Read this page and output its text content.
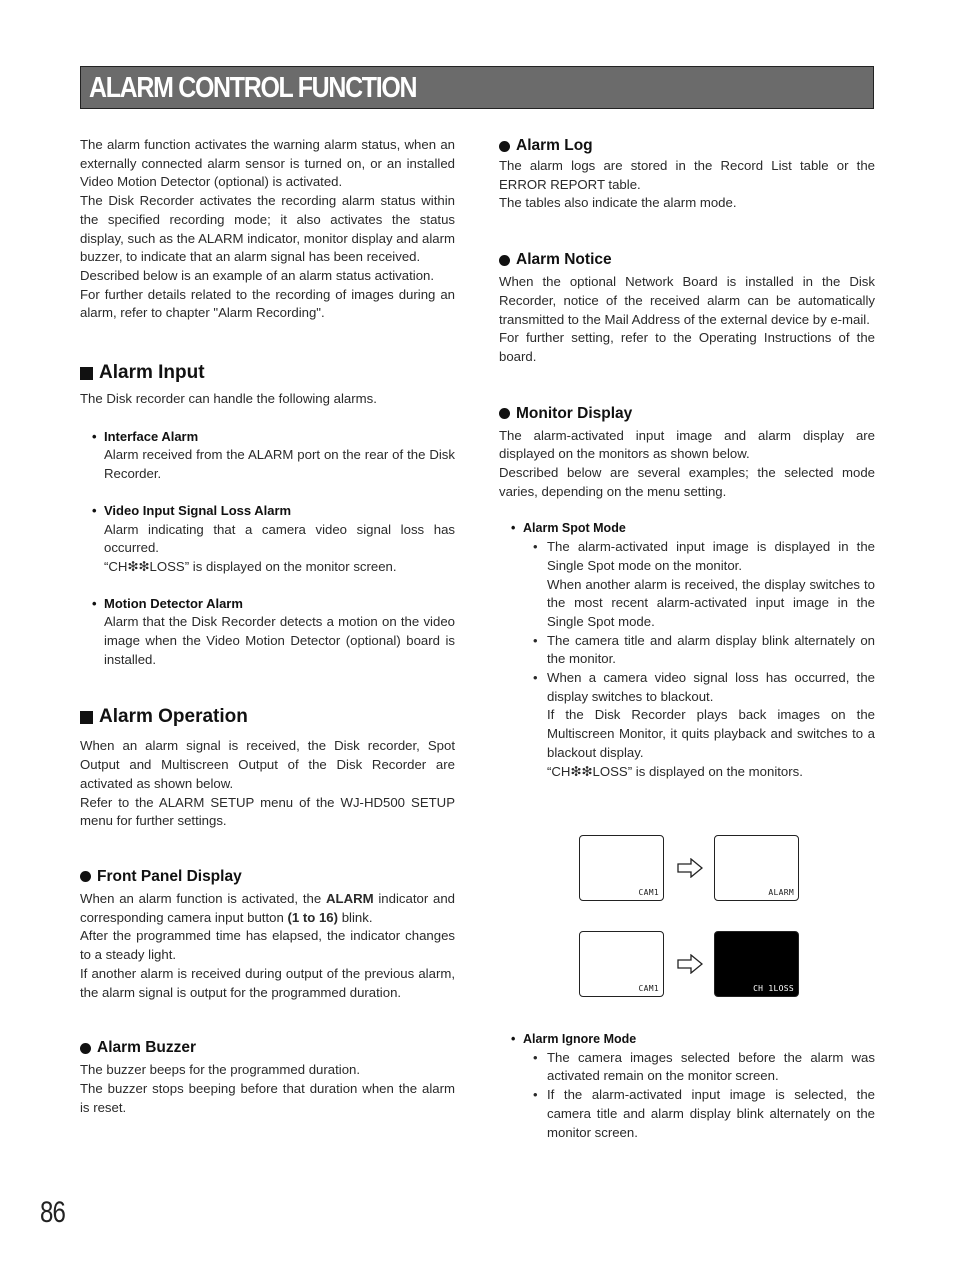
ALARM CONTROL FUNCTION

The alarm function activates the warning alarm status, when an externally connected alarm sensor is turned on, or an installed Video Motion Detector (optional) is activated.

The Disk Recorder activates the recording alarm status within the specified recording mode; it also activates the status display, such as the ALARM indicator, monitor display and alarm buzzer, to indicate that an alarm signal has been received.

Described below is an example of an alarm status activation.

For further details related to the recording of images during an alarm, refer to chapter "Alarm Recording".

Alarm Input

The Disk recorder can handle the following alarms.

• Interface Alarm

Alarm received from the ALARM port on the rear of the Disk Recorder.

• Video Input Signal Loss Alarm

Alarm indicating that a camera video signal loss has occurred.

“CH❇❇LOSS” is displayed on the monitor screen.

• Motion Detector Alarm

Alarm that the Disk Recorder detects a motion on the video image when the Video Motion Detector (optional) board is installed.

Alarm Operation

When an alarm signal is received, the Disk recorder, Spot Output and Multiscreen Output of the Disk Recorder are activated as shown below.

Refer to the ALARM SETUP menu of the WJ-HD500 SETUP menu for further settings.

Front Panel Display

When an alarm function is activated, the ALARM indicator and corresponding camera input button (1 to 16) blink.

After the programmed time has elapsed, the indicator changes to a steady light.

If another alarm is received during output of the previous alarm, the alarm signal is output for the programmed duration.

Alarm Buzzer

The buzzer beeps for the programmed duration.

The buzzer stops beeping before that duration when the alarm is reset.

Alarm Log

The alarm logs are stored in the Record List table or the ERROR REPORT table.

The tables also indicate the alarm mode.

Alarm Notice

When the optional Network Board is installed in the Disk Recorder, notice of the received alarm can be automatically transmitted to the Mail Address of the external device by e-mail.

For further setting, refer to the Operating Instructions of the board.

Monitor Display

The alarm-activated input image and alarm display are displayed on the monitors as shown below.

Described below are several examples; the selected mode varies, depending on the menu setting.

• Alarm Spot Mode
• The alarm-activated input image is displayed in the Single Spot mode on the monitor.

When another alarm is received, the display switches to the most recent alarm-activated input image in the Single Spot mode.

• The camera title and alarm display blink alternately on the monitor.

• When a camera video signal loss has occurred, the display switches to blackout.

If the Disk Recorder plays back images on the Multiscreen Monitor, it quits playback and switches to a blackout display.

“CH❇❇LOSS” is displayed on the monitors.

CAM1	ALARM
CAM1	CH 1LOSS
• Alarm Ignore Mode
• The camera images selected before the alarm was activated remain on the monitor screen.

• If the alarm-activated input image is selected, the camera title and alarm display blink alternately on the monitor screen.

86
